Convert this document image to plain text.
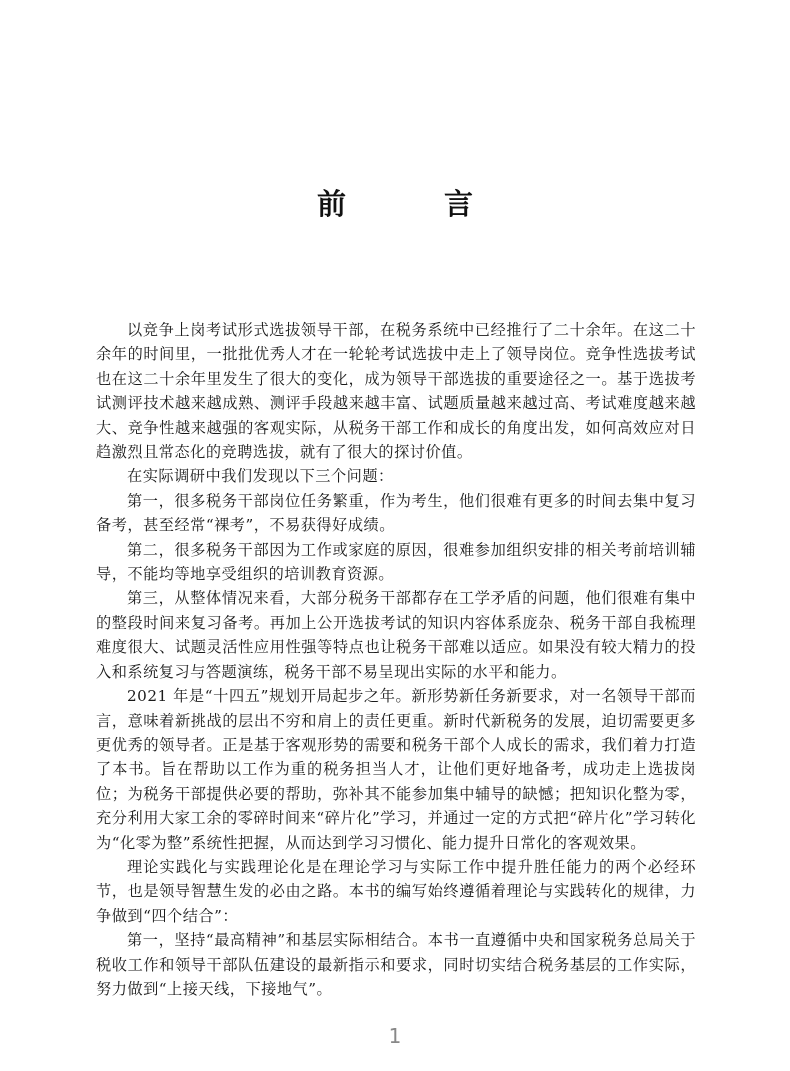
前 言

以竞争上岗考试形式选拔领导干部，在税务系统中已经推行了二十余年。在这二十余年的时间里，一批批优秀人才在一轮轮考试选拔中走上了领导岗位。竞争性选拔考试也在这二十余年里发生了很大的变化，成为领导干部选拔的重要途径之一。基于选拔考试测评技术越来越成熟、测评手段越来越丰富、试题质量越来越过高、考试难度越来越大、竞争性越来越强的客观实际，从税务干部工作和成长的角度出发，如何高效应对日趋激烈且常态化的竞聘选拔，就有了很大的探讨价值。

在实际调研中我们发现以下三个问题：

第一，很多税务干部岗位任务繁重，作为考生，他们很难有更多的时间去集中复习备考，甚至经常“裸考”，不易获得好成绩。

第二，很多税务干部因为工作或家庭的原因，很难参加组织安排的相关考前培训辅导，不能均等地享受组织的培训教育资源。

第三，从整体情况来看，大部分税务干部都存在工学矛盾的问题，他们很难有集中的整段时间来复习备考。再加上公开选拔考试的知识内容体系庞杂、税务干部自我梳理难度很大、试题灵活性应用性强等特点也让税务干部难以适应。如果没有较大精力的投入和系统复习与答题演练，税务干部不易呈现出实际的水平和能力。

2021 年是“十四五”规划开局起步之年。新形势新任务新要求，对一名领导干部而言，意味着新挑战的层出不穷和肩上的责任更重。新时代新税务的发展，迫切需要更多更优秀的领导者。正是基于客观形势的需要和税务干部个人成长的需求，我们着力打造了本书。旨在帮助以工作为重的税务担当人才，让他们更好地备考，成功走上选拔岗位；为税务干部提供必要的帮助，弥补其不能参加集中辅导的缺憾；把知识化整为零，充分利用大家工余的零碎时间来“碎片化”学习，并通过一定的方式把“碎片化”学习转化为“化零为整”系统性把握，从而达到学习习惯化、能力提升日常化的客观效果。

理论实践化与实践理论化是在理论学习与实际工作中提升胜任能力的两个必经环节，也是领导智慧生发的必由之路。本书的编写始终遵循着理论与实践转化的规律，力争做到“四个结合”：

第一，坚持“最高精神”和基层实际相结合。本书一直遵循中央和国家税务总局关于税收工作和领导干部队伍建设的最新指示和要求，同时切实结合税务基层的工作实际，努力做到“上接天线，下接地气”。

1
